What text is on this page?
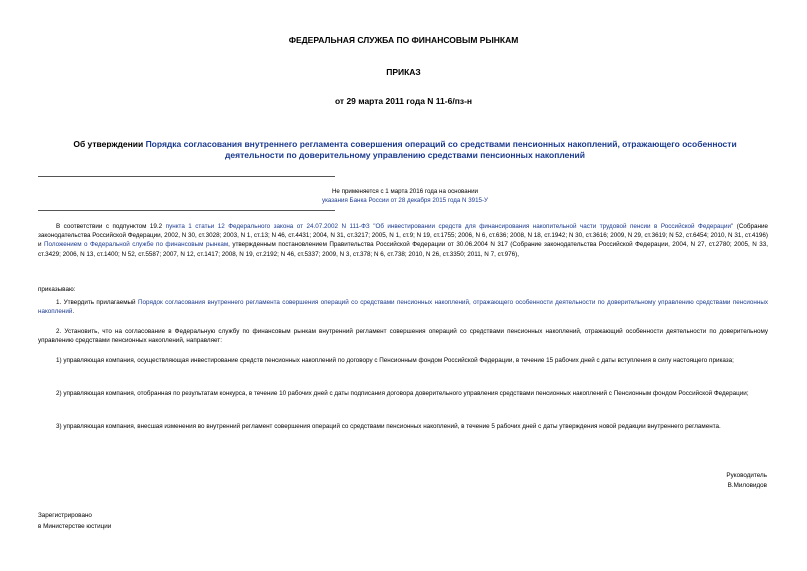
ФЕДЕРАЛЬНАЯ СЛУЖБА ПО ФИНАНСОВЫМ РЫНКАМ
ПРИКАЗ
от 29 марта 2011 года N 11-6/пз-н
Об утверждении Порядка согласования внутреннего регламента совершения операций со средствами пенсионных накоплений, отражающего особенности деятельности по доверительному управлению средствами пенсионных накоплений
Не применяется с 1 марта 2016 года на основании
указания Банка России от 28 декабря 2015 года N 3915-У
В соответствии с подпунктом 19.2 пункта 1 статьи 12 Федерального закона от 24.07.2002 N 111-ФЗ "Об инвестировании средств для финансирования накопительной части трудовой пенсии в Российской Федерации" (Собрание законодательства Российской Федерации, 2002, N 30, ст.3028; 2003, N 1, ст.13; N 46, ст.4431; 2004, N 31, ст.3217; 2005, N 1, ст.9; N 19, ст.1755; 2006, N 6, ст.636; 2008, N 18, ст.1942; N 30, ст.3616; 2009, N 29, ст.3619; N 52, ст.6454; 2010, N 31, ст.4196) и Положением о Федеральной службе по финансовым рынкам, утвержденным постановлением Правительства Российской Федерации от 30.06.2004 N 317 (Собрание законодательства Российской Федерации, 2004, N 27, ст.2780; 2005, N 33, ст.3429; 2006, N 13, ст.1400; N 52, ст.5587; 2007, N 12, ст.1417; 2008, N 19, ст.2192; N 46, ст.5337; 2009, N 3, ст.378; N 6, ст.738; 2010, N 26, ст.3350; 2011, N 7, ст.976),
приказываю:
1. Утвердить прилагаемый Порядок согласования внутреннего регламента совершения операций со средствами пенсионных накоплений, отражающего особенности деятельности по доверительному управлению средствами пенсионных накоплений.
2. Установить, что на согласование в Федеральную службу по финансовым рынкам внутренний регламент совершения операций со средствами пенсионных накоплений, отражающий особенности деятельности по доверительному управлению средствами пенсионных накоплений, направляет:
1) управляющая компания, осуществляющая инвестирование средств пенсионных накоплений по договору с Пенсионным фондом Российской Федерации, в течение 15 рабочих дней с даты вступления в силу настоящего приказа;
2) управляющая компания, отобранная по результатам конкурса, в течение 10 рабочих дней с даты подписания договора доверительного управления средствами пенсионных накоплений с Пенсионным фондом Российской Федерации;
3) управляющая компания, внесшая изменения во внутренний регламент совершения операций со средствами пенсионных накоплений, в течение 5 рабочих дней с даты утверждения новой редакции внутреннего регламента.
Руководитель
В.Миловидов
Зарегистрировано
в Министерстве юстиции
